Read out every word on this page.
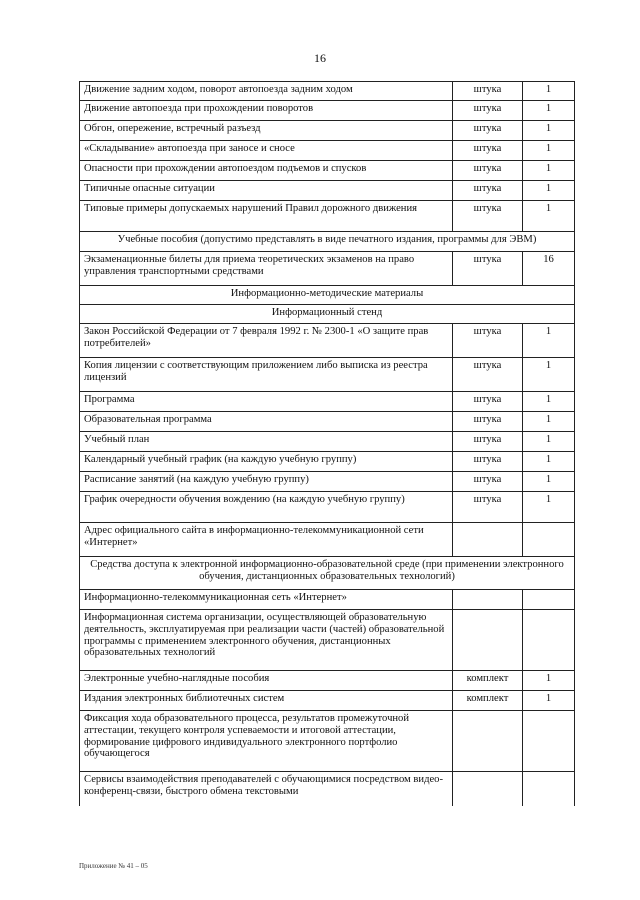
16
Движение задним ходом, поворот автопоезда задним ходом	штука	1
Движение автопоезда при прохождении поворотов	штука	1
Обгон, опережение, встречный разъезд	штука	1
«Складывание» автопоезда при заносе и сносе	штука	1
Опасности при прохождении автопоездом подъемов и спусков	штука	1
Типичные опасные ситуации	штука	1
Типовые примеры допускаемых нарушений Правил дорожного движения	штука	1
Учебные пособия (допустимо представлять в виде печатного издания, программы для ЭВМ)		
Экзаменационные билеты для приема теоретических экзаменов на право управления транспортными средствами	штука	16
Информационно-методические материалы		
Информационный стенд		
Закон Российской Федерации от 7 февраля 1992 г. № 2300-1 «О защите прав потребителей»	штука	1
Копия лицензии с соответствующим приложением либо выписка из реестра лицензий	штука	1
Программа	штука	1
Образовательная программа	штука	1
Учебный план	штука	1
Календарный учебный график (на каждую учебную группу)	штука	1
Расписание занятий (на каждую учебную группу)	штука	1
График очередности обучения вождению (на каждую учебную группу)	штука	1
Адрес официального сайта в информационно-телекоммуникационной сети «Интернет»		
Средства доступа к электронной информационно-образовательной среде (при применении электронного обучения, дистанционных образовательных технологий)		
Информационно-телекоммуникационная сеть «Интернет»		
Информационная система организации, осуществляющей образовательную деятельность, эксплуатируемая при реализации части (частей) образовательной программы с применением электронного обучения, дистанционных образовательных технологий		
Электронные учебно-наглядные пособия	комплект	1
Издания электронных библиотечных систем	комплект	1
Фиксация хода образовательного процесса, результатов промежуточной аттестации, текущего контроля успеваемости и итоговой аттестации, формирование цифрового индивидуального электронного портфолио обучающегося		
Сервисы взаимодействия преподавателей с обучающимися посредством видео-конференц-связи, быстрого обмена текстовыми		
Приложение № 41 – 05
